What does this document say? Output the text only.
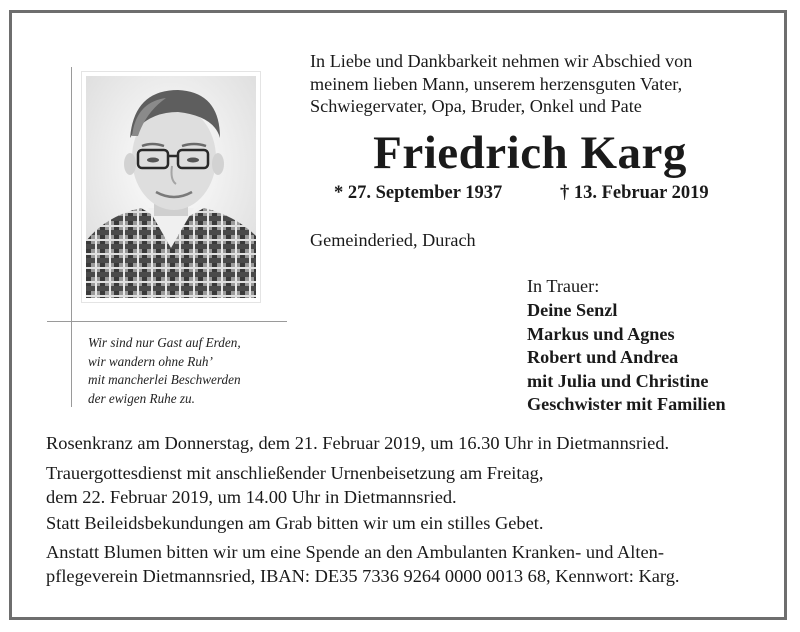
Wir sind nur Gast auf Erden,
wir wandern ohne Ruh’
mit mancherlei Beschwerden
der ewigen Ruhe zu.
In Liebe und Dankbarkeit nehmen wir Abschied von
meinem lieben Mann, unserem herzensguten Vater,
Schwiegervater, Opa, Bruder, Onkel und Pate
Friedrich Karg
* 27. September 1937	† 13. Februar 2019
Gemeinderied, Durach
In Trauer:
Deine Senzl
Markus und Agnes
Robert und Andrea
mit Julia und Christine
Geschwister mit Familien
Rosenkranz am Donnerstag, dem 21. Februar 2019, um 16.30 Uhr in Dietmannsried.
Trauergottesdienst mit anschließender Urnenbeisetzung am Freitag,
dem 22. Februar 2019, um 14.00 Uhr in Dietmannsried.
Statt Beileidsbekundungen am Grab bitten wir um ein stilles Gebet.
Anstatt Blumen bitten wir um eine Spende an den Ambulanten Kranken- und Alten-
pflegeverein Dietmannsried, IBAN: DE35 7336 9264 0000 0013 68, Kennwort: Karg.
